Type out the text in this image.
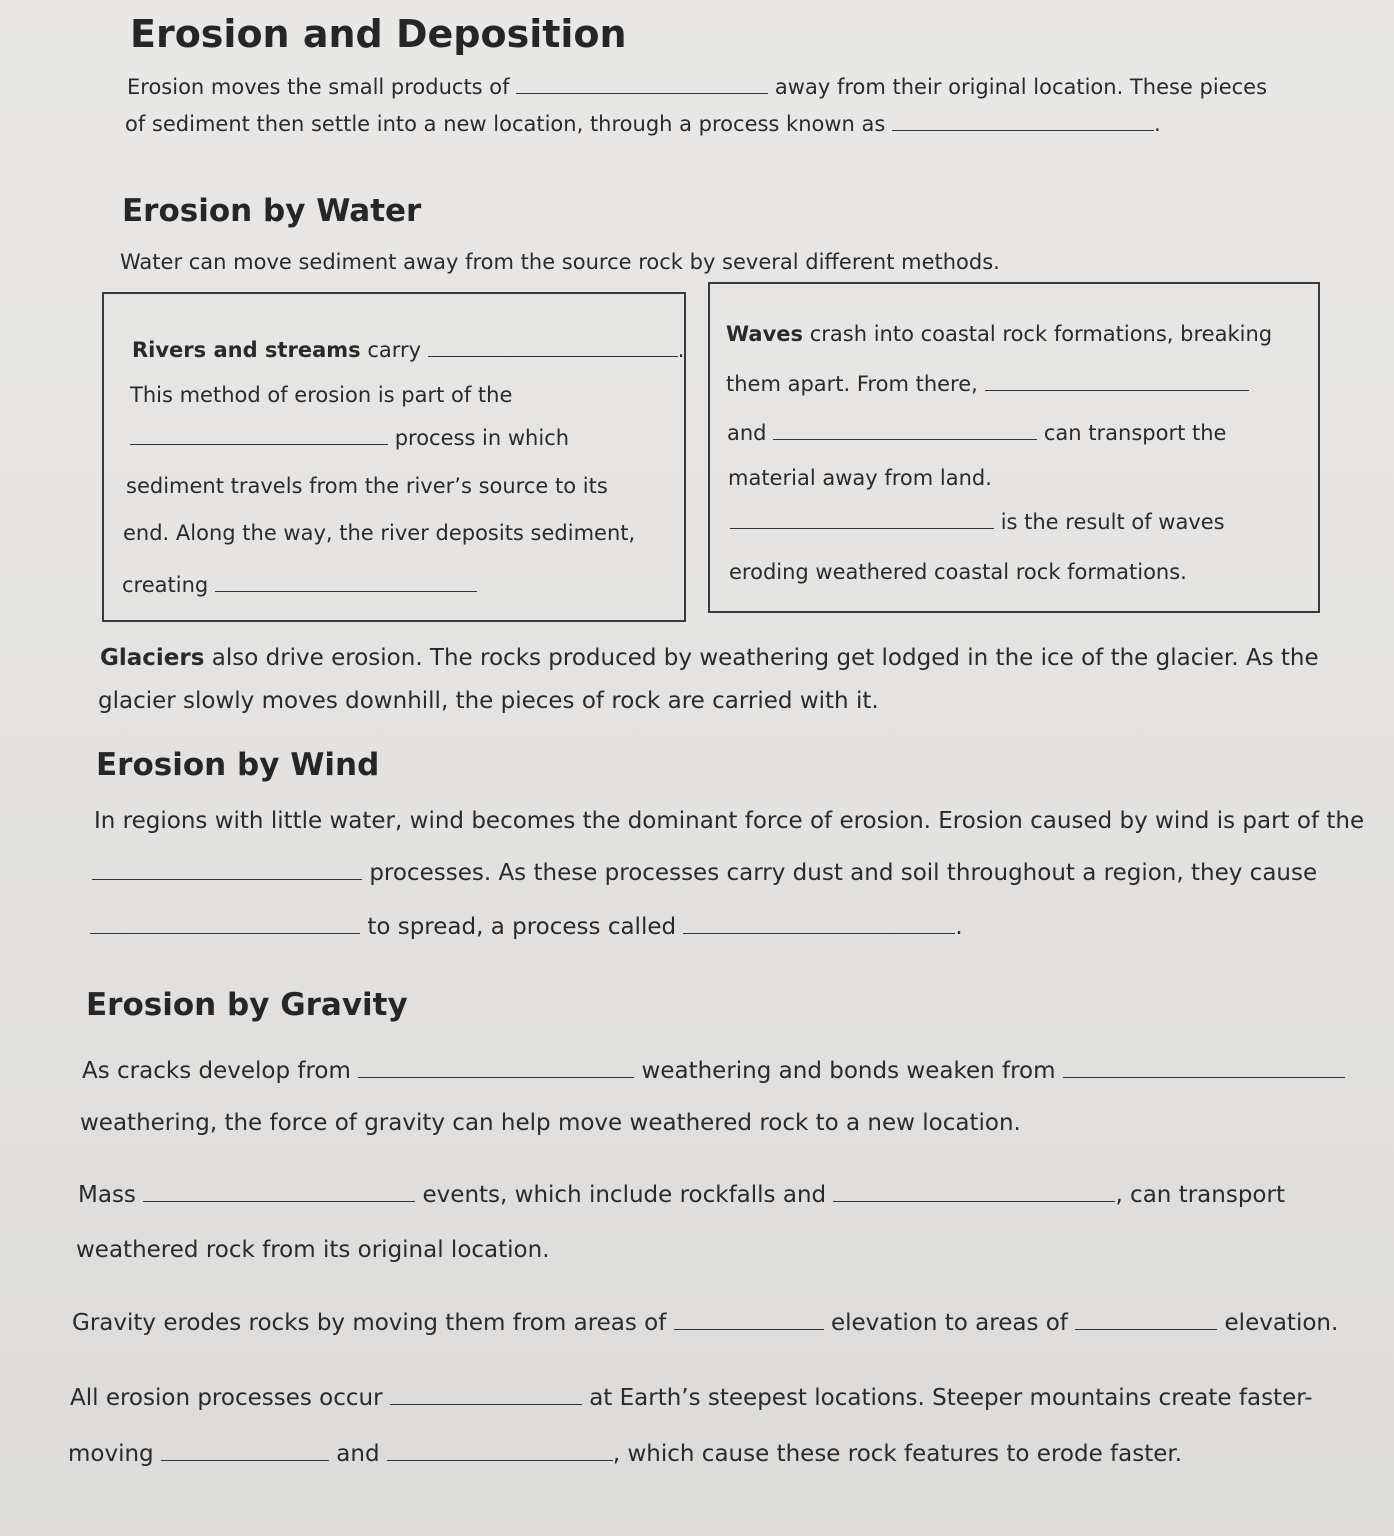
Erosion and Deposition
Erosion moves the small products of	away from their original location. These pieces
of sediment then settle into a new location, through a process known as	.
Erosion by Water
Water can move sediment away from the source rock by several different methods.
Rivers and streams carry	.
This method of erosion is part of the
process in which
sediment travels from the river’s source to its
end. Along the way, the river deposits sediment,
creating
Waves crash into coastal rock formations, breaking
them apart. From there,
and	can transport the
material away from land.
is the result of waves
eroding weathered coastal rock formations.
Glaciers also drive erosion. The rocks produced by weathering get lodged in the ice of the glacier. As the
glacier slowly moves downhill, the pieces of rock are carried with it.
Erosion by Wind
In regions with little water, wind becomes the dominant force of erosion. Erosion caused by wind is part of the
processes. As these processes carry dust and soil throughout a region, they cause
to spread, a process called	.
Erosion by Gravity
As cracks develop from	weathering and bonds weaken from
weathering, the force of gravity can help move weathered rock to a new location.
Mass	events, which include rockfalls and	, can transport
weathered rock from its original location.
Gravity erodes rocks by moving them from areas of	elevation to areas of	elevation.
All erosion processes occur	at Earth’s steepest locations. Steeper mountains create faster-
moving	and	, which cause these rock features to erode faster.
